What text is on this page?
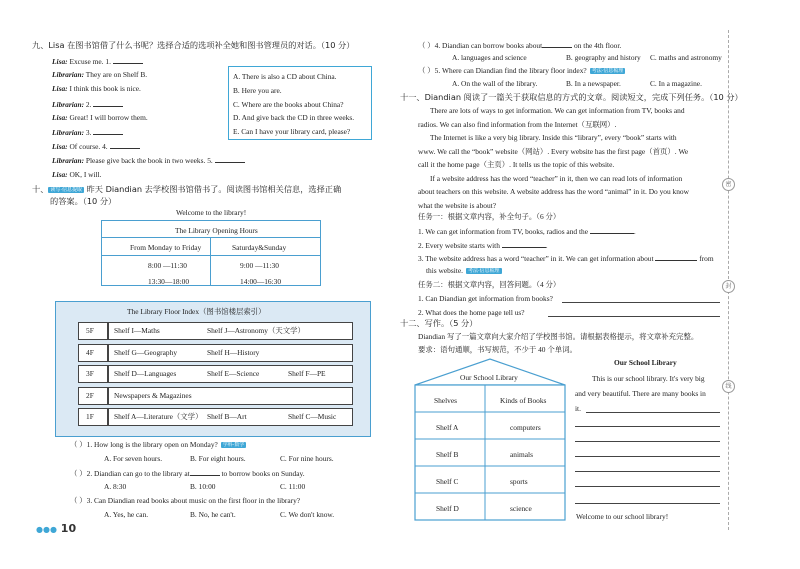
九、Lisa 在图书馆借了什么书呢？选择合适的选项补全她和图书管理员的对话。（10 分）
Lisa: Excuse me. 1.
Librarian: They are on Shelf B.
Lisa: I think this book is nice.
Librarian: 2.
Lisa: Great! I will borrow them.
Librarian: 3.
Lisa: Of course. 4.
Librarian: Please give back the book in two weeks. 5.
Lisa: OK, I will.
A. There is also a CD about China.
B. Here you are.
C. Where are the books about China?
D. And give back the CD in three weeks.
E. Can I have your library card, please?
十、 读写·信息提取 昨天 Diandian 去学校图书馆借书了。阅读图书馆相关信息，选择正确
的答案。（10 分）
Welcome to the library!
The Library Opening Hours
From Monday to Friday	Saturday&Sunday
8:00 —11:30	9:00 —11:30
13:30—18:00	14:00—16:30
The Library Floor Index（图书馆楼层索引）
5F	Shelf I—Maths	Shelf J—Astronomy（天文学）
4F	Shelf G—Geography	Shelf H—History
3F	Shelf D—Languages	Shelf E—Science	Shelf F—PE
2F	Newspapers & Magazines
1F	Shelf A—Literature（文学） Shelf B—Art	Shelf C—Music
（ ）1. How long is the library open on Monday? 学科·数学
A. For seven hours.	B. For eight hours.	C. For nine hours.
（ ）2. Diandian can go to the library at	to borrow books on Sunday.
A. 8:30	B. 10:00	C. 11:00
（ ）3. Can Diandian read books about music on the first floor in the library?
A. Yes, he can.	B. No, he can't.	C. We don't know.
●●● 10
密
封
线
（ ）4. Diandian can borrow books about	on the 4th floor.
A. languages and science	B. geography and history C. maths and astronomy
（ ）5. Where can Diandian find the library floor index? 考法·信息梳理
A. On the wall of the library.	B. In a newspaper.	C. In a magazine.
十一、Diandian 阅读了一篇关于获取信息的方式的文章。阅读短文，完成下列任务。（10 分）
There are lots of ways to get information. We can get information from TV, books and
radios. We can also find information from the Internet（互联网）.
The Internet is like a very big library. Inside this “library”, every “book” starts with
www. We call the “book” website（网站）. Every website has the first page（首页）. We
call it the home page（主页）. It tells us the topic of this website.
If a website address has the word “teacher” in it, then we can read lots of information
about teachers on this website. A website address has the word “animal” in it. Do you know
what the website is about?
任务一：根据文章内容，补全句子。（6 分）
1. We can get information from TV, books, radios and the	.
2. Every website starts with	.
3. The website address has a word “teacher” in it. We can get information about	from
this website. 考法·信息梳理
任务二：根据文章内容，回答问题。（4 分）
1. Can Diandian get information from books?
2. What does the home page tell us?
十二、写作。（5 分）
Diandian 写了一篇文章向大家介绍了学校图书馆。请根据表格提示，将文章补充完整。
要求：语句通顺，书写规范，不少于 40 个单词。
Our School Library
Shelves	Kinds of Books
Shelf A	computers
Shelf B	animals
Shelf C	sports
Shelf D	science
Our School Library
This is our school library. It's very big
and very beautiful. There are many books in
it.
Welcome to our school library!
